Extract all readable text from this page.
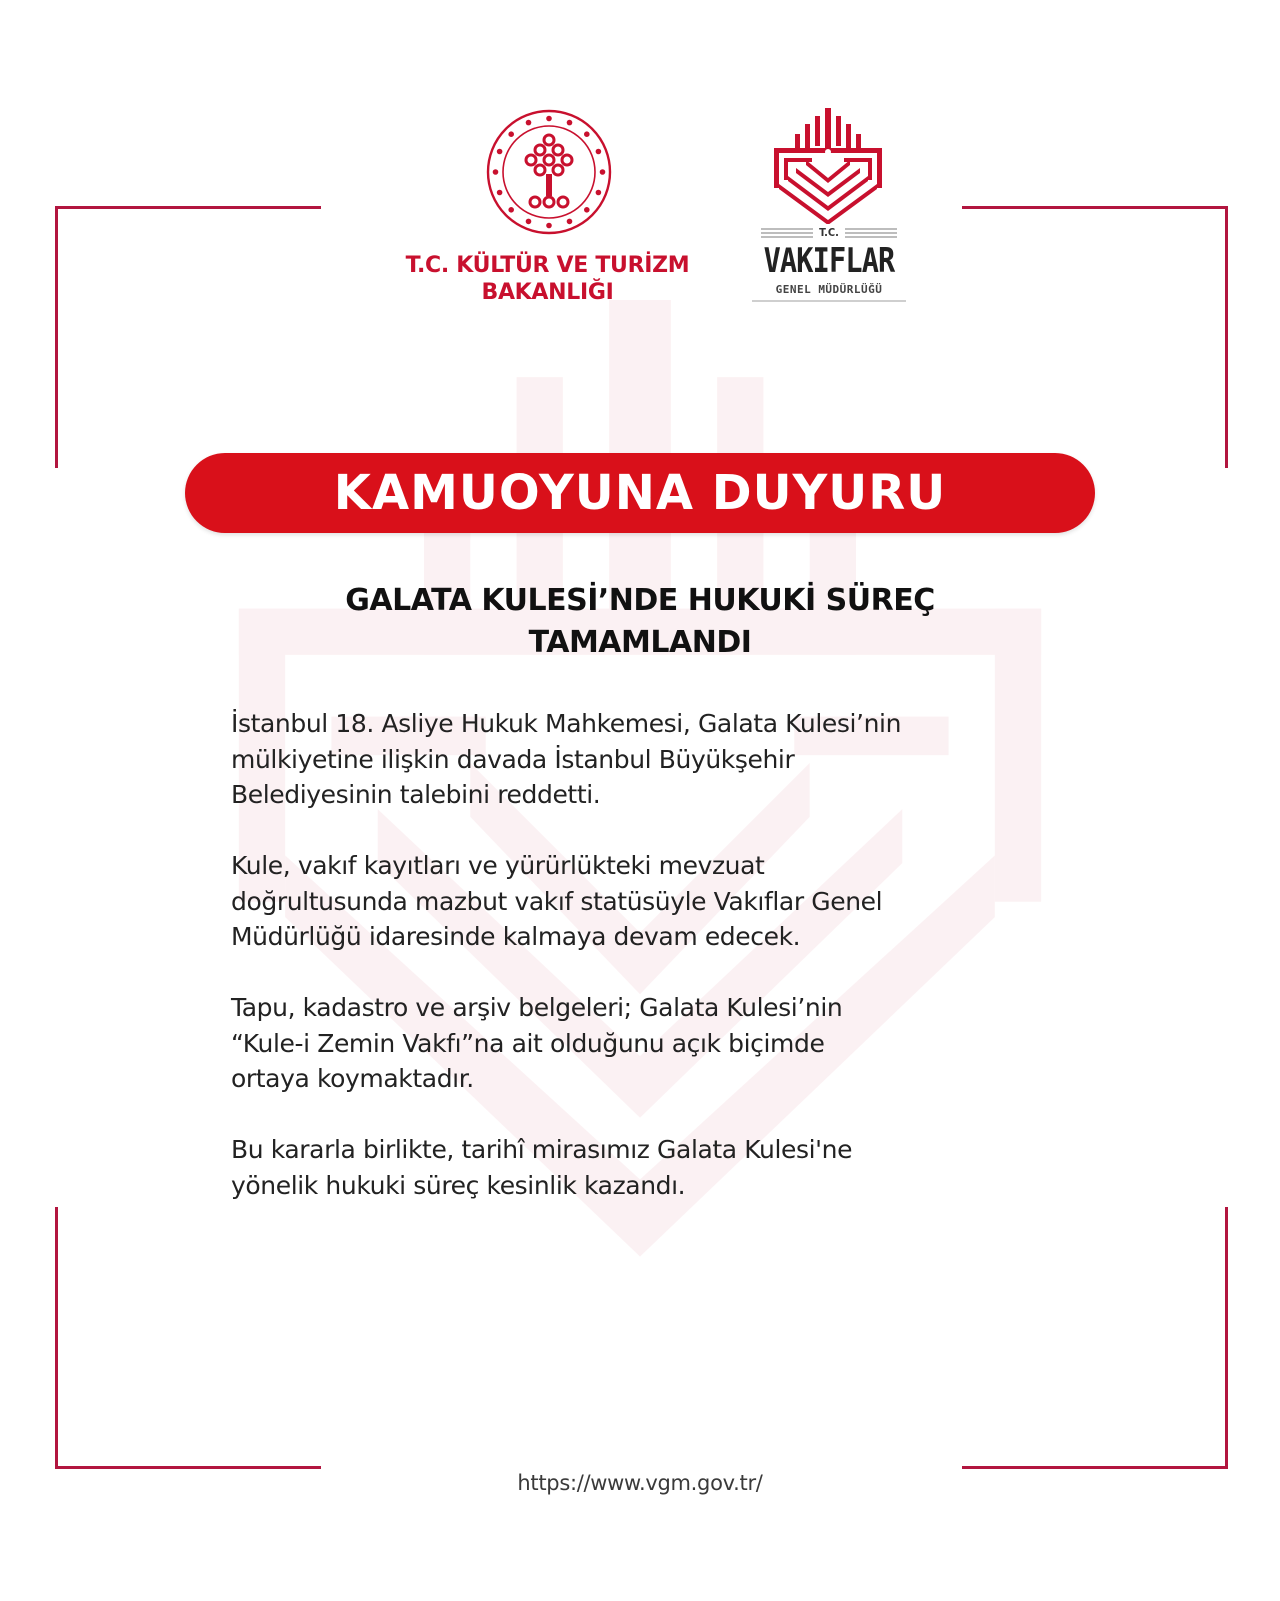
T.C. KÜLTÜR VE TURİZM
BAKANLIĞI
T.C.
VAKIFLAR
GENEL MÜDÜRLÜĞÜ
KAMUOYUNA DUYURU
GALATA KULESİ’NDE HUKUKİ SÜREÇ
TAMAMLANDI

İstanbul 18. Asliye Hukuk Mahkemesi, Galata Kulesi’nin
mülkiyetine ilişkin davada İstanbul Büyükşehir
Belediyesinin talebini reddetti.

Kule, vakıf kayıtları ve yürürlükteki mevzuat
doğrultusunda mazbut vakıf statüsüyle Vakıflar Genel
Müdürlüğü idaresinde kalmaya devam edecek.

Tapu, kadastro ve arşiv belgeleri; Galata Kulesi’nin
“Kule-i Zemin Vakfı”na ait olduğunu açık biçimde
ortaya koymaktadır.

Bu kararla birlikte, tarihî mirasımız Galata Kulesi'ne
yönelik hukuki süreç kesinlik kazandı.

https://www.vgm.gov.tr/
